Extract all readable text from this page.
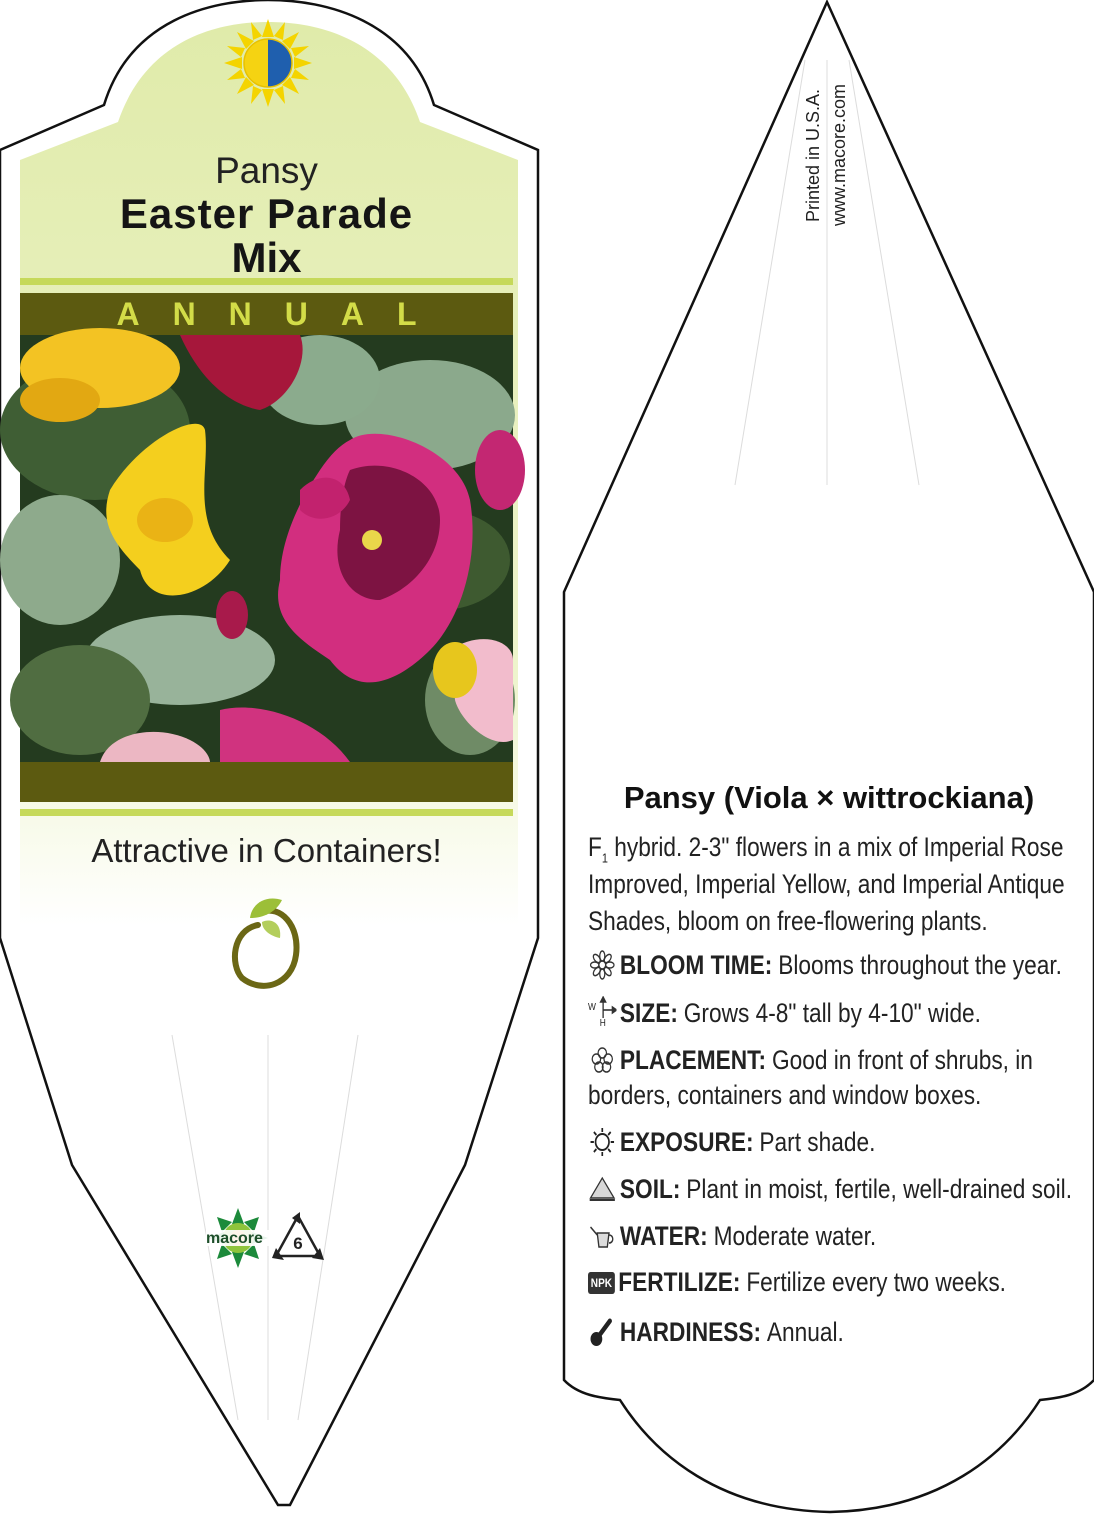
Pansy
Easter Parade
Mix
ANNUAL
Attractive in Containers!
macore 6
Printed in U.S.A. www.macore.com
Pansy (Viola × wittrockiana)
$F_1$ hybrid. 2-3" flowers in a mix of Imperial Rose
Improved, Imperial Yellow, and Imperial Antique
Shades, bloom on free-flowering plants.
BLOOM TIME: Blooms throughout the year.
W
H SIZE: Grows 4-8" tall by 4-10" wide.
PLACEMENT: Good in front of shrubs, in
borders, containers and window boxes.
EXPOSURE: Part shade.
SOIL: Plant in moist, fertile, well-drained soil.
WATER: Moderate water.
NPK FERTILIZE: Fertilize every two weeks.
HARDINESS: Annual.
